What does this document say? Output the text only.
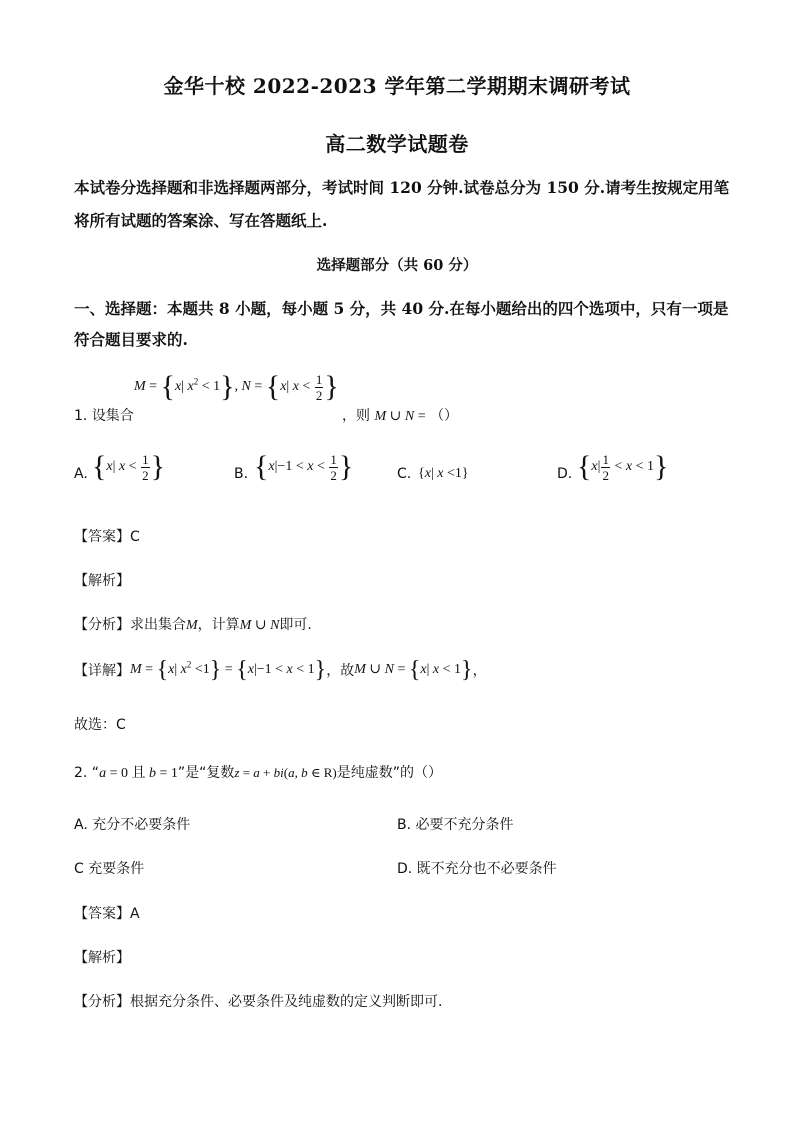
金华十校 2022-2023 学年第二学期期末调研考试
高二数学试题卷
本试卷分选择题和非选择题两部分，考试时间 120 分钟.试卷总分为 150 分.请考生按规定用笔
将所有试题的答案涂、写在答题纸上.
选择题部分（共 60 分）
一、选择题：本题共 8 小题，每小题 5 分，共 40 分.在每小题给出的四个选项中，只有一项是
符合题目要求的.
1. 设集合
M = {x| $x^2 < 1$}, N = {x| $x < \frac{1}{2}$ }
，则 M ∪ N = （）
A. {x| $x < \frac{1}{2}$ }	B. {$x|-1 < x < \frac{1}{2}$ }	C. {x| x <1}	D. $\{x| \frac{1}{2} < x < 1\}$
【答案】C
【解析】
【分析】求出集合M，计算M ∪ N即可.
【详解】 M = {x| $x^2 <1\} = \{x|-1 < x < 1\}$ ，故 M ∪ N = {x| x < 1} ，
故选：C
2. “a = 0 且 b = 1”是“复数z = a + bi(a, b ∈ R)是纯虚数”的（）
A. 充分不必要条件	B. 必要不充分条件
C 充要条件	D. 既不充分也不必要条件
【答案】A
【解析】
【分析】根据充分条件、必要条件及纯虚数的定义判断即可.
